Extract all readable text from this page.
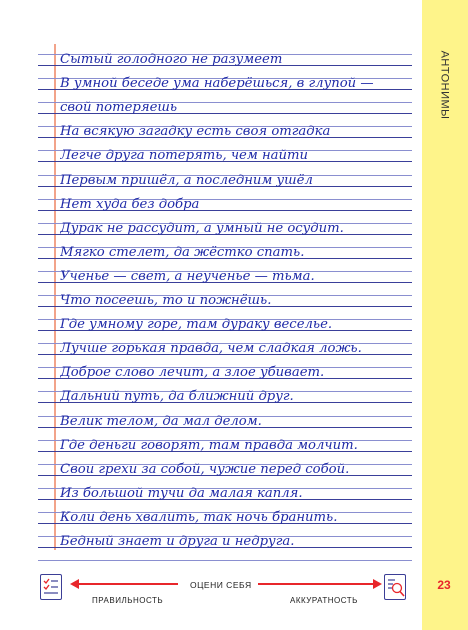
АНТОНИМЫ
Сытый голодного не разумеет
В умной беседе ума наберёшься, в глупой —
свой потеряешь
На всякую загадку есть своя отгадка
Легче друга потерять, чем найти
Первым пришёл, а последним ушёл
Нет худа без добра
Дурак не рассудит, а умный не осудит.
Мягко стелет, да жёстко спать.
Ученье — свет, а неученье — тьма.
Что посеешь, то и пожнёшь.
Где умному горе, там дураку веселье.
Лучше горькая правда, чем сладкая ложь.
Доброе слово лечит, а злое убивает.
Дальний путь, да ближний друг.
Велик телом, да мал делом.
Где деньги говорят, там правда молчит.
Свои грехи за собой, чужие перед собой.
Из большой тучи да малая капля.
Коли день хвалить, так ночь бранить.
Бедный знает и друга и недруга.
ОЦЕНИ СЕБЯ
ПРАВИЛЬНОСТЬ	АККУРАТНОСТЬ
23
